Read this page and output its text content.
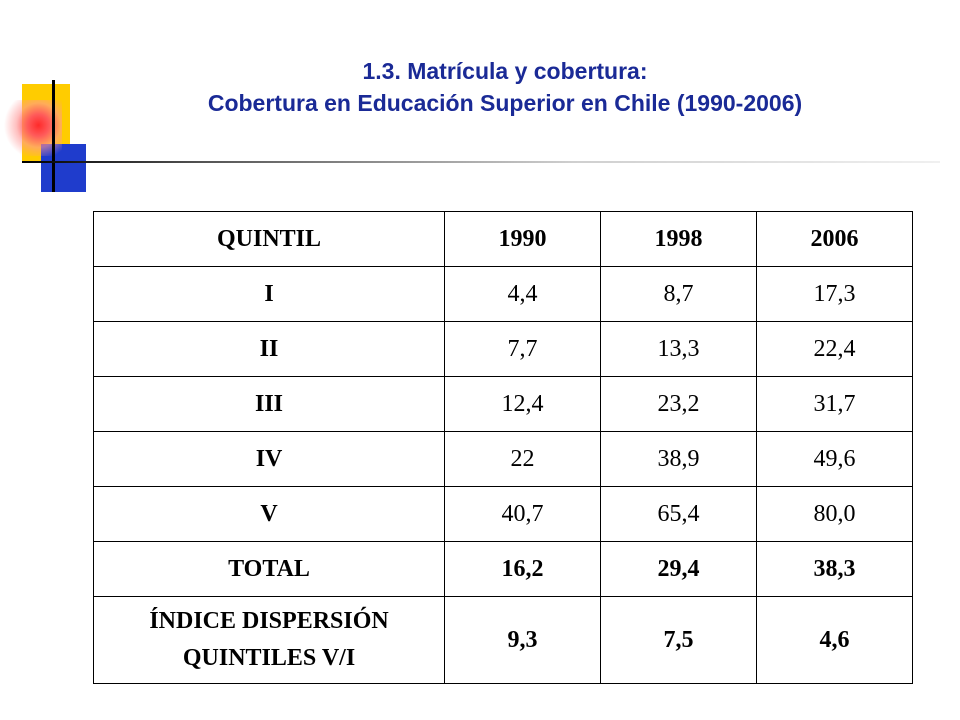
1.3. Matrícula y cobertura:
Cobertura en Educación Superior en Chile (1990-2006)
QUINTIL	1990	1998	2006
I	4,4	8,7	17,3
II	7,7	13,3	22,4
III	12,4	23,2	31,7
IV	22	38,9	49,6
V	40,7	65,4	80,0
TOTAL	16,2	29,4	38,3

ÍNDICE DISPERSIÓN
QUINTILES V/I	9,3	7,5	4,6
